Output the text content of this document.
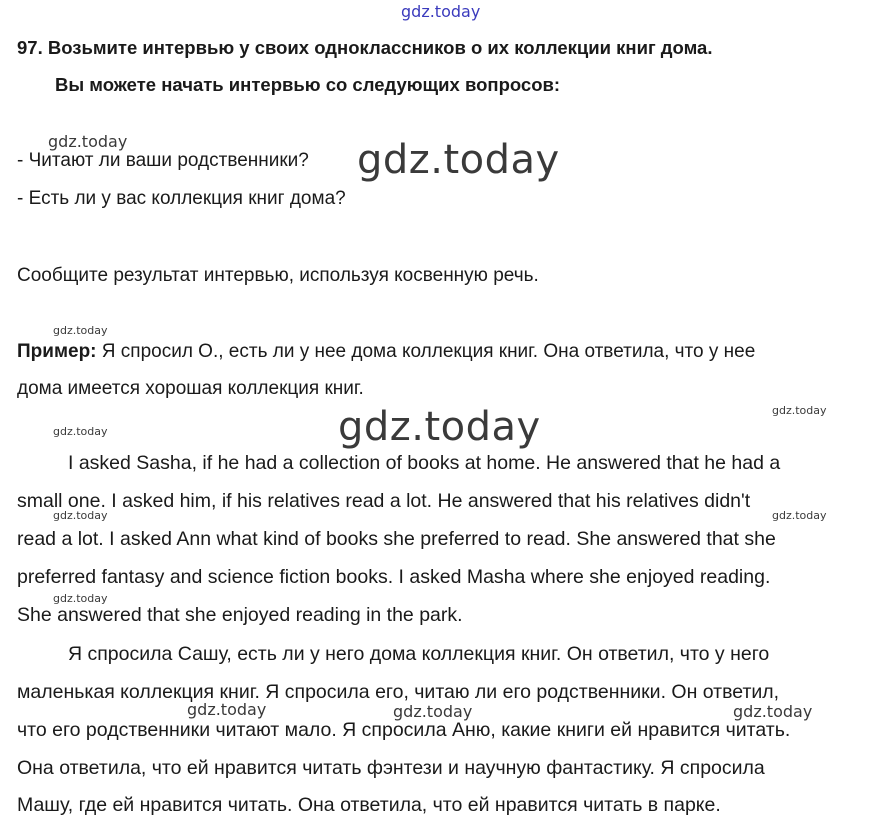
gdz.today
gdz.today
gdz.today
gdz.today
gdz.today
gdz.today
gdz.today
gdz.today	gdz.today
gdz.today
gdz.today	gdz.today	gdz.today
97. Возьмите интервью у своих одноклассников о их коллекции книг дома.
Вы можете начать интервью со следующих вопросов:
- Читают ли ваши родственники?
- Есть ли у вас коллекция книг дома?
Сообщите результат интервью, используя косвенную речь.
Пример: Я спросил О., есть ли у нее дома коллекция книг. Она ответила, что у нее
дома имеется хорошая коллекция книг.
I asked Sasha, if he had a collection of books at home. He answered that he had a
small one. I asked him, if his relatives read a lot. He answered that his relatives didn't
read a lot. I asked Ann what kind of books she preferred to read. She answered that she
preferred fantasy and science fiction books. I asked Masha where she enjoyed reading.
She answered that she enjoyed reading in the park.
Я спросила Сашу, есть ли у него дома коллекция книг. Он ответил, что у него
маленькая коллекция книг. Я спросила его, читаю ли его родственники. Он ответил,
что его родственники читают мало. Я спросила Аню, какие книги ей нравится читать.
Она ответила, что ей нравится читать фэнтези и научную фантастику. Я спросила
Машу, где ей нравится читать. Она ответила, что ей нравится читать в парке.
